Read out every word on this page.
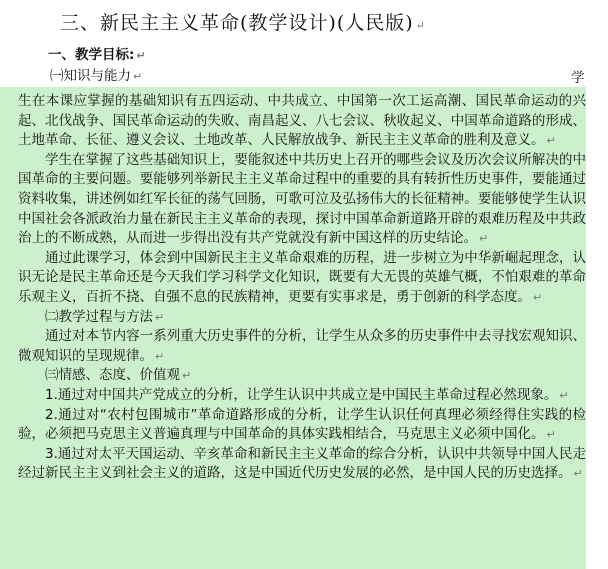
三、新民主主义革命(教学设计)(人民版) ↵
一、教学目标: ↵
㈠知识与能力 ↵	学

生在本课应掌握的基础知识有五四运动、中共成立、中国第一次工运高潮、国民革命运动的兴起、北伐战争、国民革命运动的失败、南昌起义、八七会议、秋收起义、中国革命道路的形成、土地革命、长征、遵义会议、土地改革、人民解放战争、新民主主义革命的胜利及意义。 ↵

学生在掌握了这些基础知识上，要能叙述中共历史上召开的哪些会议及历次会议所解决的中国革命的主要问题。要能够列举新民主主义革命过程中的重要的具有转折性历史事件，要能通过资料收集，讲述例如红军长征的荡气回肠，可歌可泣及弘扬伟大的长征精神。要能够使学生认识中国社会各派政治力量在新民主主义革命的表现，探讨中国革命新道路开辟的艰难历程及中共政治上的不断成熟，从而进一步得出没有共产党就没有新中国这样的历史结论。 ↵

通过此课学习，体会到中国新民主主义革命艰难的历程，进一步树立为中华新崛起理念，认识无论是民主革命还是今天我们学习科学文化知识，既要有大无畏的英雄气概，不怕艰难的革命乐观主义，百折不挠、自强不息的民族精神，更要有实事求是，勇于创新的科学态度。 ↵

㈡教学过程与方法 ↵

通过对本节内容一系列重大历史事件的分析，让学生从众多的历史事件中去寻找宏观知识、微观知识的呈现规律。 ↵

㈢情感、态度、价值观 ↵

1.通过对中国共产党成立的分析，让学生认识中共成立是中国民主革命过程必然现象。 ↵

2.通过对“农村包围城市”革命道路形成的分析，让学生认识任何真理必须经得住实践的检验，必须把马克思主义普遍真理与中国革命的具体实践相结合，马克思主义必须中国化。 ↵

3.通过对太平天国运动、辛亥革命和新民主主义革命的综合分析，认识中共领导中国人民走经过新民主主义到社会主义的道路，这是中国近代历史发展的必然，是中国人民的历史选择。 ↵
